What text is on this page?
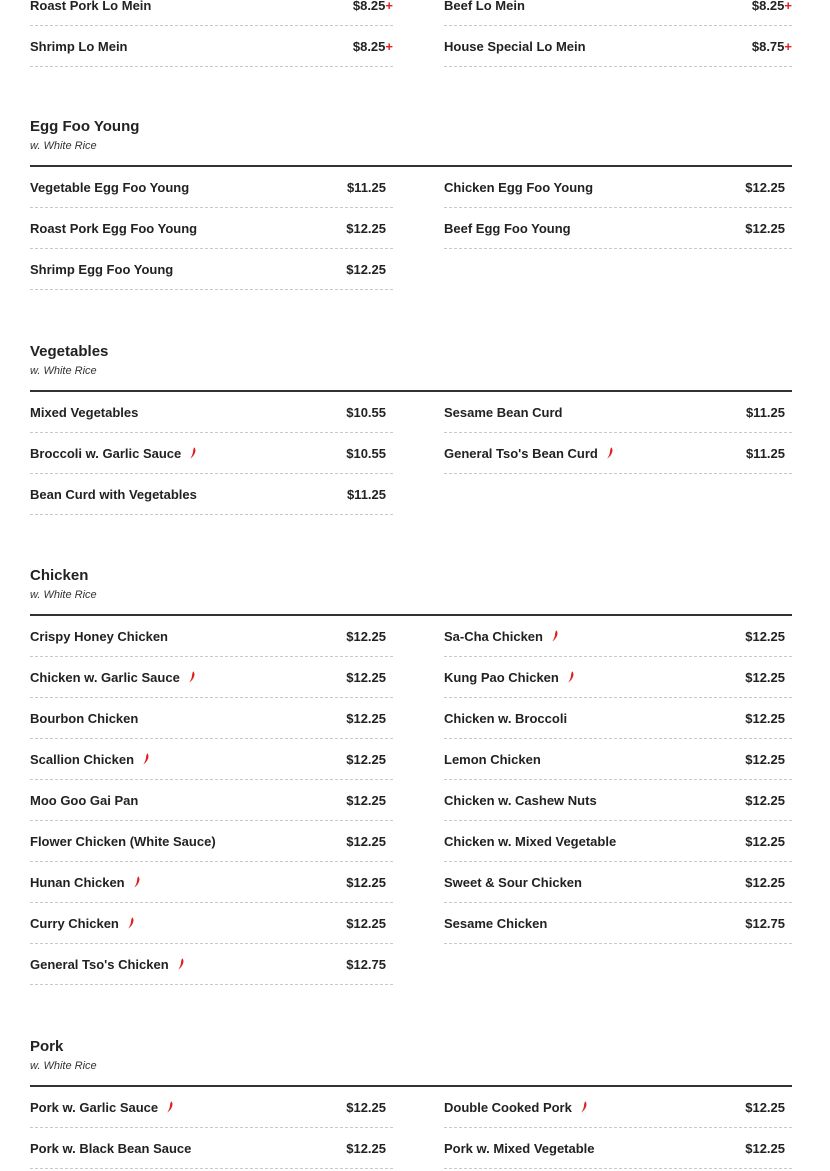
Roast Pork Lo Mein	$8.25+
Shrimp Lo Mein	$8.25+
Beef Lo Mein	$8.25+
House Special Lo Mein	$8.75+
Egg Foo Young
w. White Rice
Vegetable Egg Foo Young	$11.25
Roast Pork Egg Foo Young	$12.25
Shrimp Egg Foo Young	$12.25
Chicken Egg Foo Young	$12.25
Beef Egg Foo Young	$12.25
Vegetables
w. White Rice
Mixed Vegetables	$10.55
Broccoli w. Garlic Sauce	$10.55
Bean Curd with Vegetables	$11.25
Sesame Bean Curd	$11.25
General Tso's Bean Curd	$11.25
Chicken
w. White Rice
Crispy Honey Chicken	$12.25
Chicken w. Garlic Sauce	$12.25
Bourbon Chicken	$12.25
Scallion Chicken	$12.25
Moo Goo Gai Pan	$12.25
Flower Chicken (White Sauce)	$12.25
Hunan Chicken	$12.25
Curry Chicken	$12.25
General Tso's Chicken	$12.75
Sa-Cha Chicken	$12.25
Kung Pao Chicken	$12.25
Chicken w. Broccoli	$12.25
Lemon Chicken	$12.25
Chicken w. Cashew Nuts	$12.25
Chicken w. Mixed Vegetable	$12.25
Sweet & Sour Chicken	$12.25
Sesame Chicken	$12.75
Pork
w. White Rice
Pork w. Garlic Sauce	$12.25
Pork w. Black Bean Sauce	$12.25
Double Cooked Pork	$12.25
Pork w. Mixed Vegetable	$12.25
